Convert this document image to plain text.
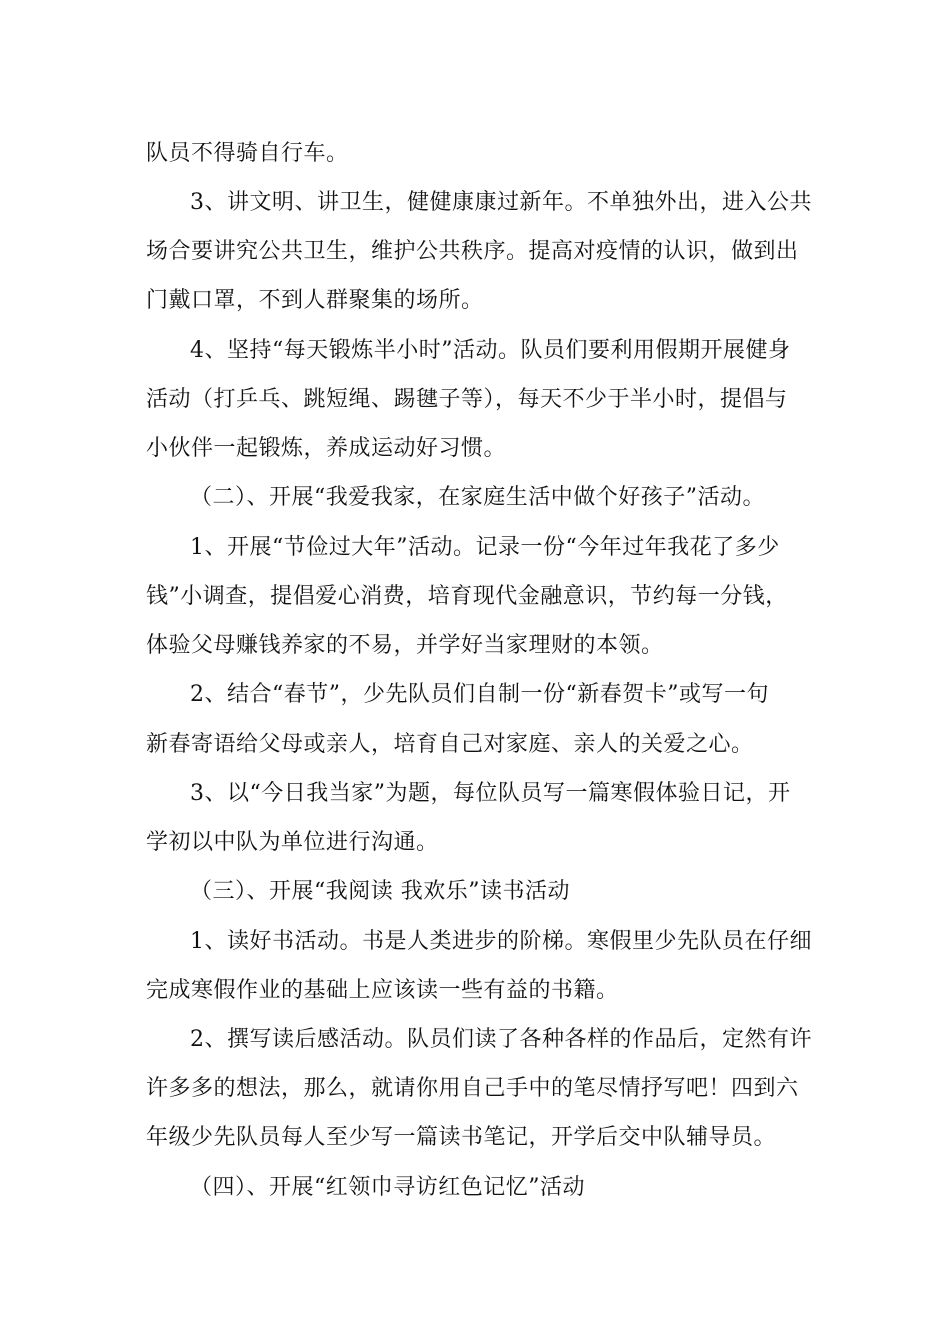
队员不得骑自行车。
3、讲文明、讲卫生，健健康康过新年。不单独外出，进入公共
场合要讲究公共卫生，维护公共秩序。提高对疫情的认识，做到出
门戴口罩，不到人群聚集的场所。
4、坚持“每天锻炼半小时”活动。队员们要利用假期开展健身
活动（打乒乓、跳短绳、踢毽子等），每天不少于半小时，提倡与
小伙伴一起锻炼，养成运动好习惯。
（二）、开展“我爱我家，在家庭生活中做个好孩子”活动。
1、开展“节俭过大年”活动。记录一份“今年过年我花了多少
钱”小调查，提倡爱心消费，培育现代金融意识，节约每一分钱，
体验父母赚钱养家的不易，并学好当家理财的本领。
2、结合“春节”，少先队员们自制一份“新春贺卡”或写一句
新春寄语给父母或亲人，培育自己对家庭、亲人的关爱之心。
3、以“今日我当家”为题，每位队员写一篇寒假体验日记，开
学初以中队为单位进行沟通。
（三）、开展“我阅读 我欢乐”读书活动
1、读好书活动。书是人类进步的阶梯。寒假里少先队员在仔细
完成寒假作业的基础上应该读一些有益的书籍。
2、撰写读后感活动。队员们读了各种各样的作品后，定然有许
许多多的想法，那么，就请你用自己手中的笔尽情抒写吧！四到六
年级少先队员每人至少写一篇读书笔记，开学后交中队辅导员。
（四）、开展“红领巾寻访红色记忆”活动
